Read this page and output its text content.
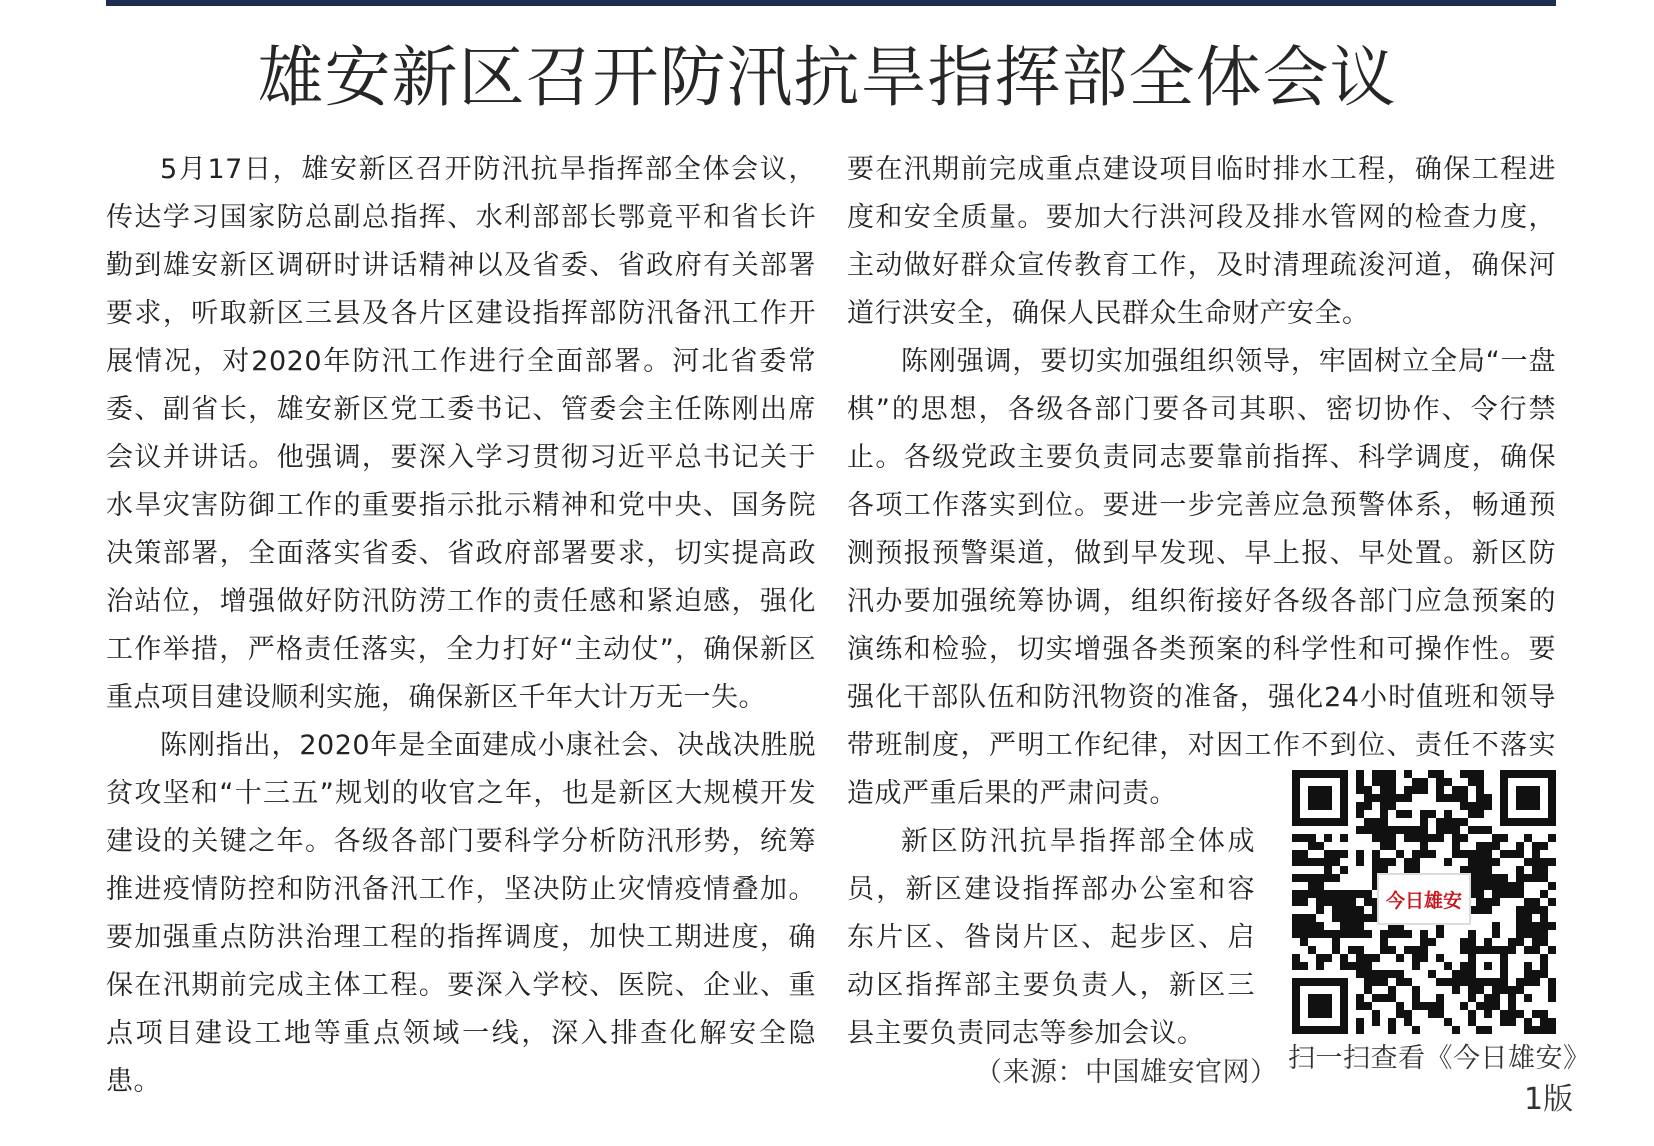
雄安新区召开防汛抗旱指挥部全体会议

5月17日，雄安新区召开防汛抗旱指挥部全体会议，传达学习国家防总副总指挥、水利部部长鄂竟平和省长许勤到雄安新区调研时讲话精神以及省委、省政府有关部署要求，听取新区三县及各片区建设指挥部防汛备汛工作开展情况，对2020年防汛工作进行全面部署。河北省委常委、副省长，雄安新区党工委书记、管委会主任陈刚出席会议并讲话。他强调，要深入学习贯彻习近平总书记关于水旱灾害防御工作的重要指示批示精神和党中央、国务院决策部署，全面落实省委、省政府部署要求，切实提高政治站位，增强做好防汛防涝工作的责任感和紧迫感，强化工作举措，严格责任落实，全力打好“主动仗”，确保新区重点项目建设顺利实施，确保新区千年大计万无一失。

陈刚指出，2020年是全面建成小康社会、决战决胜脱贫攻坚和“十三五”规划的收官之年，也是新区大规模开发建设的关键之年。各级各部门要科学分析防汛形势，统筹推进疫情防控和防汛备汛工作，坚决防止灾情疫情叠加。要加强重点防洪治理工程的指挥调度，加快工期进度，确保在汛期前完成主体工程。要深入学校、医院、企业、重点项目建设工地等重点领域一线，深入排查化解安全隐患。

要在汛期前完成重点建设项目临时排水工程，确保工程进度和安全质量。要加大行洪河段及排水管网的检查力度，主动做好群众宣传教育工作，及时清理疏浚河道，确保河道行洪安全，确保人民群众生命财产安全。

陈刚强调，要切实加强组织领导，牢固树立全局“一盘棋”的思想，各级各部门要各司其职、密切协作、令行禁止。各级党政主要负责同志要靠前指挥、科学调度，确保各项工作落实到位。要进一步完善应急预警体系，畅通预测预报预警渠道，做到早发现、早上报、早处置。新区防汛办要加强统筹协调，组织衔接好各级各部门应急预案的演练和检验，切实增强各类预案的科学性和可操作性。要强化干部队伍和防汛物资的准备，强化24小时值班和领导带班制度，严明工作纪律，对因工作不到位、责任不落实造成严重后果的严肃问责。

新区防汛抗旱指挥部全体成员，新区建设指挥部办公室和容东片区、昝岗片区、起步区、启动区指挥部主要负责人，新区三县主要负责同志等参加会议。

（来源：中国雄安官网）
今日雄安
扫一扫查看《今日雄安》
1版
